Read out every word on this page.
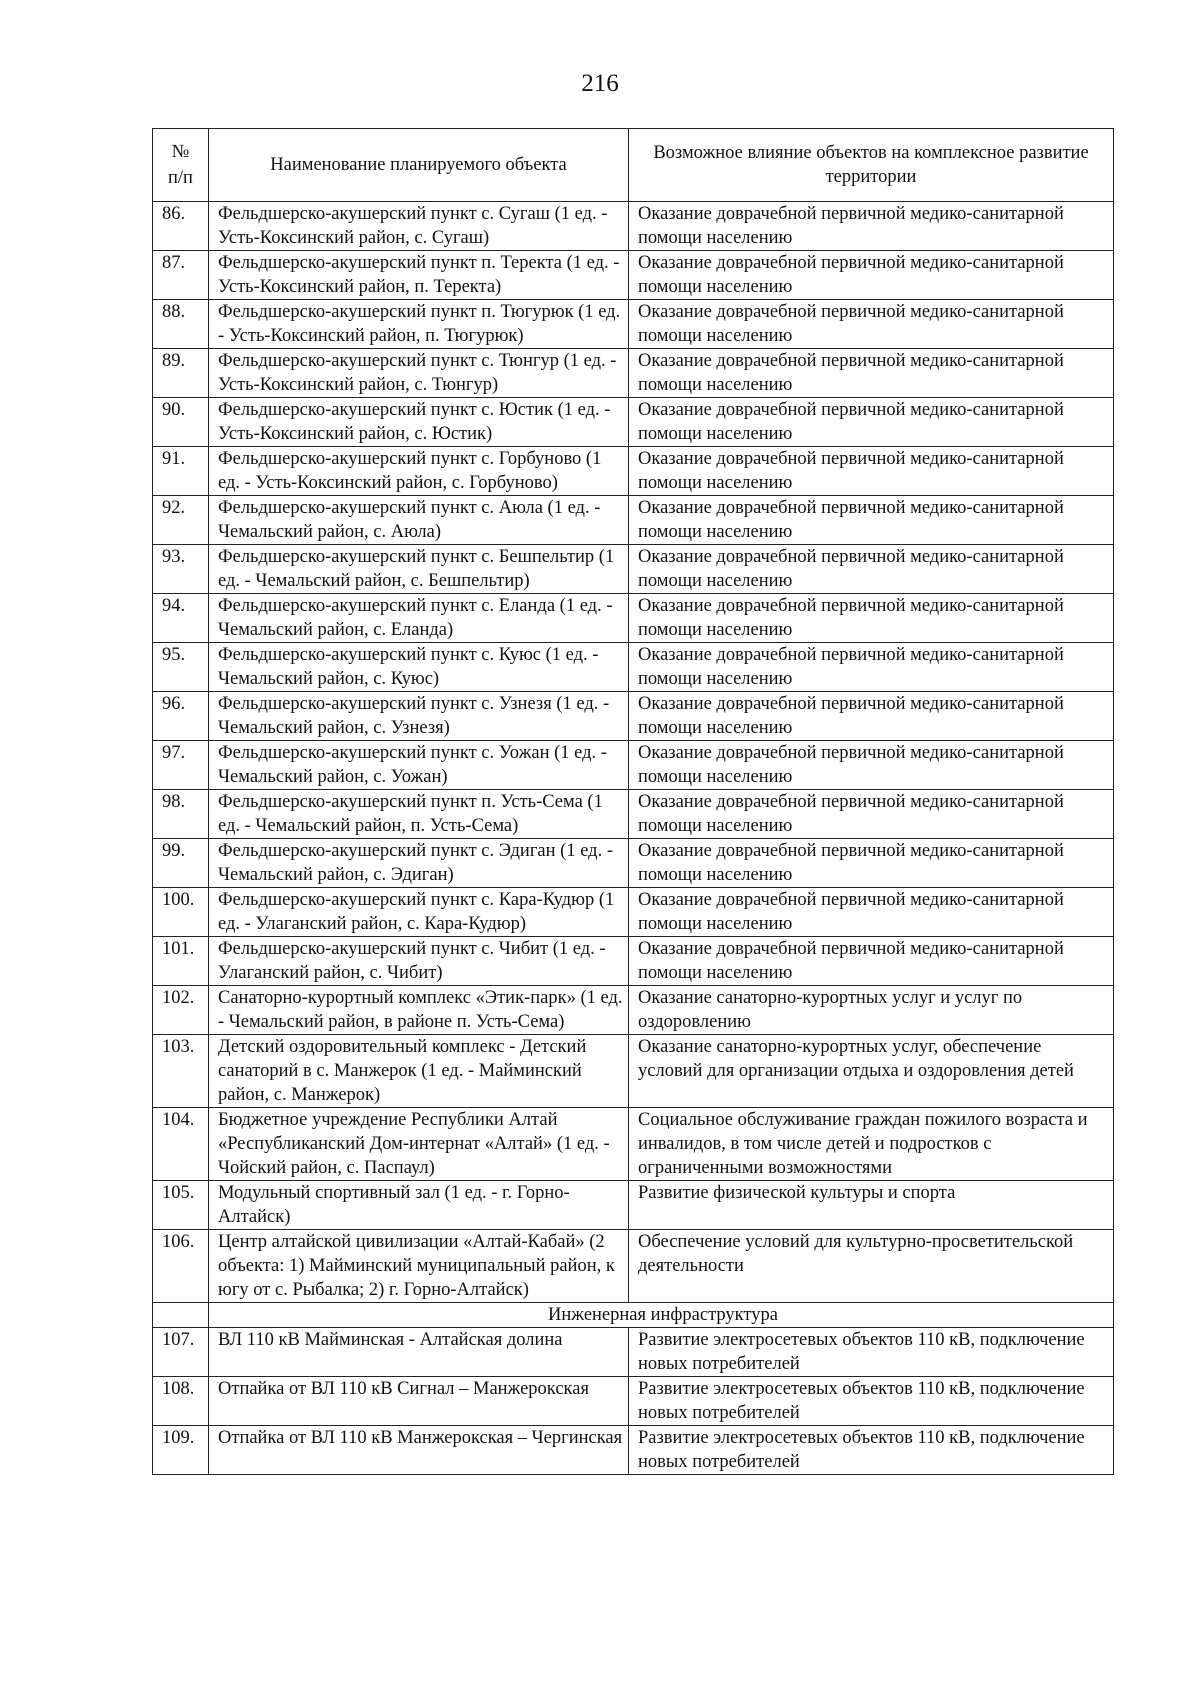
216
№
п/п	Наименование планируемого объекта	Возможное влияние объектов на комплексное развитие территории
86.	Фельдшерско-акушерский пункт с. Сугаш (1 ед. - Усть-Коксинский район, с. Сугаш)	Оказание доврачебной первичной медико-санитарной помощи населению
87.	Фельдшерско-акушерский пункт п. Теректа (1 ед. - Усть-Коксинский район, п. Теректа)	Оказание доврачебной первичной медико-санитарной помощи населению
88.	Фельдшерско-акушерский пункт п. Тюгурюк (1 ед. - Усть-Коксинский район, п. Тюгурюк)	Оказание доврачебной первичной медико-санитарной помощи населению
89.	Фельдшерско-акушерский пункт с. Тюнгур (1 ед. - Усть-Коксинский район, с. Тюнгур)	Оказание доврачебной первичной медико-санитарной помощи населению
90.	Фельдшерско-акушерский пункт с. Юстик (1 ед. - Усть-Коксинский район, с. Юстик)	Оказание доврачебной первичной медико-санитарной помощи населению
91.	Фельдшерско-акушерский пункт с. Горбуново (1 ед. - Усть-Коксинский район, с. Горбуново)	Оказание доврачебной первичной медико-санитарной помощи населению
92.	Фельдшерско-акушерский пункт с. Аюла (1 ед. - Чемальский район, с. Аюла)	Оказание доврачебной первичной медико-санитарной помощи населению
93.	Фельдшерско-акушерский пункт с. Бешпельтир (1 ед. - Чемальский район, с. Бешпельтир)	Оказание доврачебной первичной медико-санитарной помощи населению
94.	Фельдшерско-акушерский пункт с. Еланда (1 ед. - Чемальский район, с. Еланда)	Оказание доврачебной первичной медико-санитарной помощи населению
95.	Фельдшерско-акушерский пункт с. Куюс (1 ед. - Чемальский район, с. Куюс)	Оказание доврачебной первичной медико-санитарной помощи населению
96.	Фельдшерско-акушерский пункт с. Узнезя (1 ед. - Чемальский район, с. Узнезя)	Оказание доврачебной первичной медико-санитарной помощи населению
97.	Фельдшерско-акушерский пункт с. Уожан (1 ед. - Чемальский район, с. Уожан)	Оказание доврачебной первичной медико-санитарной помощи населению
98.	Фельдшерско-акушерский пункт п. Усть-Сема (1 ед. - Чемальский район, п. Усть-Сема)	Оказание доврачебной первичной медико-санитарной помощи населению
99.	Фельдшерско-акушерский пункт с. Эдиган (1 ед. - Чемальский район, с. Эдиган)	Оказание доврачебной первичной медико-санитарной помощи населению
100.	Фельдшерско-акушерский пункт с. Кара-Кудюр (1 ед. - Улаганский район, с. Кара-Кудюр)	Оказание доврачебной первичной медико-санитарной помощи населению
101.	Фельдшерско-акушерский пункт с. Чибит (1 ед. - Улаганский район, с. Чибит)	Оказание доврачебной первичной медико-санитарной помощи населению
102.	Санаторно-курортный комплекс «Этик-парк» (1 ед. - Чемальский район, в районе п. Усть-Сема)	Оказание санаторно-курортных услуг и услуг по оздоровлению
103.	Детский оздоровительный комплекс - Детский санаторий в с. Манжерок (1 ед. - Майминский район, с. Манжерок)	Оказание санаторно-курортных услуг, обеспечение условий для организации отдыха и оздоровления детей
104.	Бюджетное учреждение Республики Алтай «Республиканский Дом-интернат «Алтай» (1 ед. - Чойский район, с. Паспаул)	Социальное обслуживание граждан пожилого возраста и инвалидов, в том числе детей и подростков с ограниченными возможностями
105.	Модульный спортивный зал (1 ед. - г. Горно-Алтайск)	Развитие физической культуры и спорта
106.	Центр алтайской цивилизации «Алтай-Кабай» (2 объекта: 1) Майминский муниципальный район, к югу от с. Рыбалка; 2) г. Горно-Алтайск)	Обеспечение условий для культурно-просветительской деятельности
	Инженерная инфраструктура	
107.	ВЛ 110 кВ Майминская - Алтайская долина	Развитие электросетевых объектов 110 кВ, подключение новых потребителей
108.	Отпайка от ВЛ 110 кВ Сигнал – Манжерокская	Развитие электросетевых объектов 110 кВ, подключение новых потребителей
109.	Отпайка от ВЛ 110 кВ Манжерокская – Чергинская	Развитие электросетевых объектов 110 кВ, подключение новых потребителей
